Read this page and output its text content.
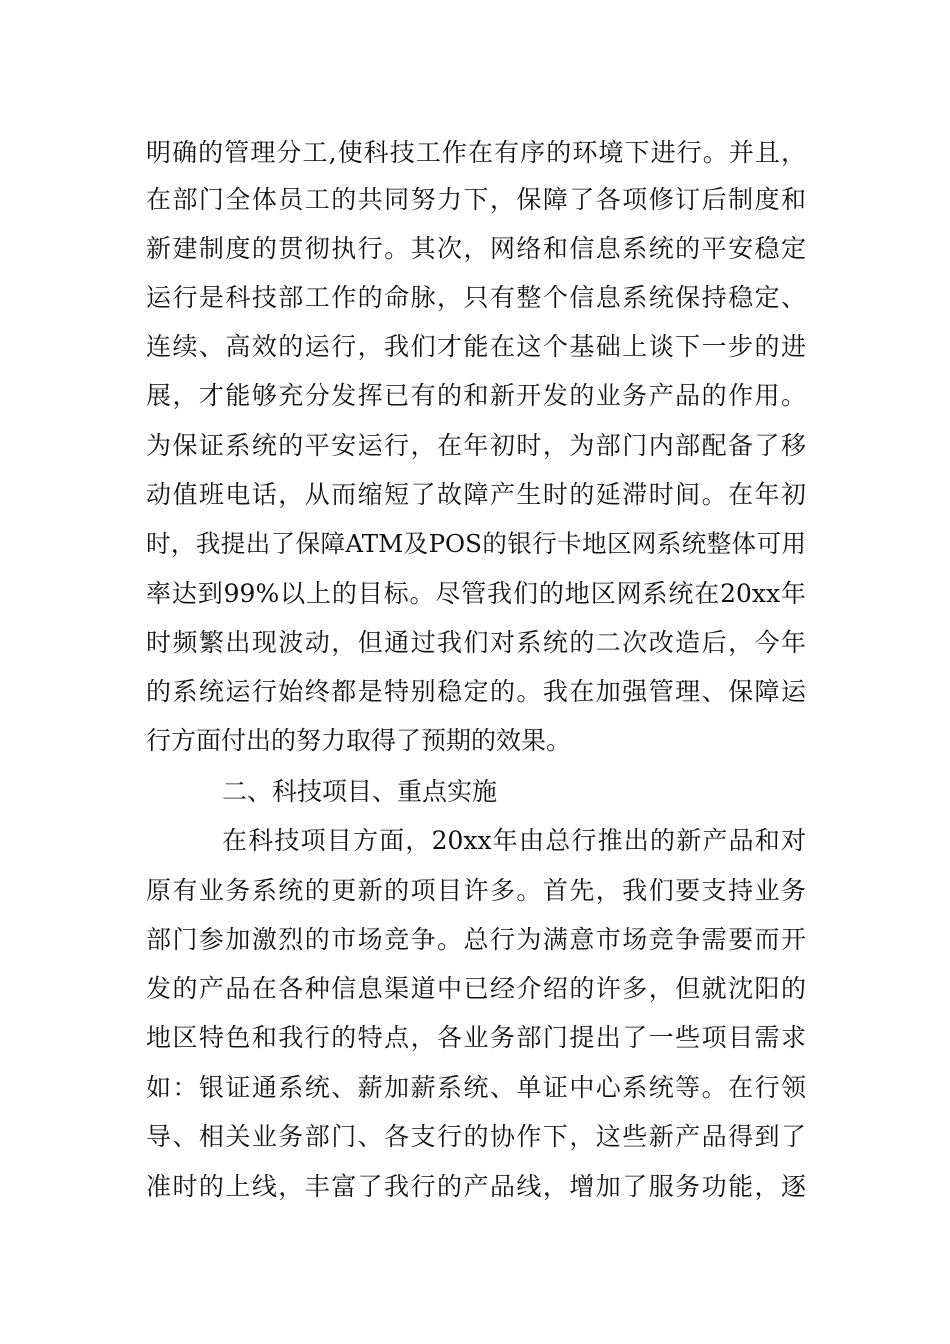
明确的管理分工,使科技工作在有序的环境下进行。并且，
在部门全体员工的共同努力下，保障了各项修订后制度和
新建制度的贯彻执行。其次，网络和信息系统的平安稳定
运行是科技部工作的命脉，只有整个信息系统保持稳定、
连续、高效的运行，我们才能在这个基础上谈下一步的进
展，才能够充分发挥已有的和新开发的业务产品的作用。
为保证系统的平安运行，在年初时，为部门内部配备了移
动值班电话，从而缩短了故障产生时的延滞时间。在年初
时，我提出了保障ATM及POS的银行卡地区网系统整体可用
率达到99%以上的目标。尽管我们的地区网系统在20xx年
时频繁出现波动，但通过我们对系统的二次改造后，今年
的系统运行始终都是特别稳定的。我在加强管理、保障运
行方面付出的努力取得了预期的效果。
二、科技项目、重点实施
在科技项目方面，20xx年由总行推出的新产品和对
原有业务系统的更新的项目许多。首先，我们要支持业务
部门参加激烈的市场竞争。总行为满意市场竞争需要而开
发的产品在各种信息渠道中已经介绍的许多，但就沈阳的
地区特色和我行的特点，各业务部门提出了一些项目需求
如：银证通系统、薪加薪系统、单证中心系统等。在行领
导、相关业务部门、各支行的协作下，这些新产品得到了
准时的上线，丰富了我行的产品线，增加了服务功能，逐
